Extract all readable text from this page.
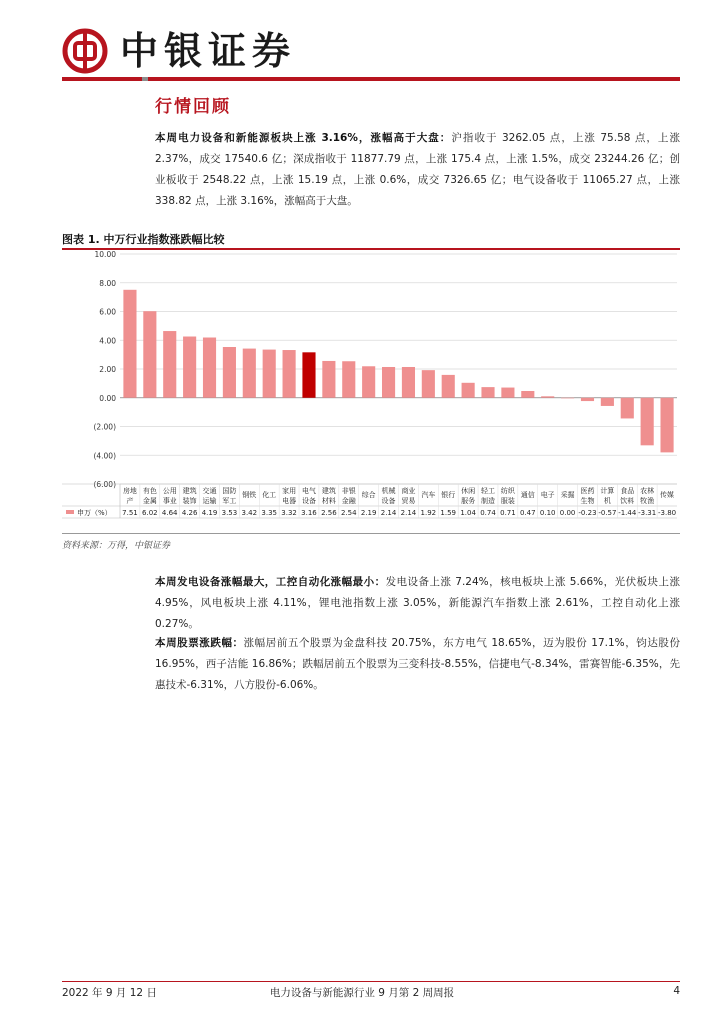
中银证券
行情回顾
本周电力设备和新能源板块上涨 3.16%，涨幅高于大盘：沪指收于 3262.05 点，上涨 75.58 点，上涨 2.37%，成交 17540.6 亿；深成指收于 11877.79 点，上涨 175.4 点，上涨 1.5%，成交 23244.26 亿；创业板收于 2548.22 点，上涨 15.19 点，上涨 0.6%，成交 7326.65 亿；电气设备收于 11065.27 点，上涨 338.82 点，上涨 3.16%，涨幅高于大盘。
图表 1. 中万行业指数涨跌幅比较
10.00
8.00
6.00
4.00
2.00
0.00
(2.00)
(4.00)
(6.00)
房地
产
7.51
有色
金属
6.02
公用
事业
4.64
建筑
装饰
4.26
交通
运输
4.19
国防
军工
3.53
钢铁
3.42
化工
3.35
家用
电器
3.32
电气
设备
3.16
建筑
材料
2.56
非银
金融
2.54
综合
2.19
机械
设备
2.14
商业
贸易
2.14
汽车
1.92
银行
1.59
休闲
服务
1.04
轻工
制造
0.74
纺织
服装
0.71
通信
0.47
电子
0.10
采掘
0.00
医药
生物
-0.23
计算
机
-0.57
食品
饮料
-1.44
农林
牧渔
-3.31
传媒
-3.80
申万（%）
资料来源：万得，中银证券
本周发电设备涨幅最大，工控自动化涨幅最小：发电设备上涨 7.24%，核电板块上涨 5.66%，光伏板块上涨 4.95%，风电板块上涨 4.11%，锂电池指数上涨 3.05%，新能源汽车指数上涨 2.61%，工控自动化上涨 0.27%。
本周股票涨跌幅：涨幅居前五个股票为金盘科技 20.75%，东方电气 18.65%，迈为股份 17.1%，钧达股份 16.95%，西子洁能 16.86%；跌幅居前五个股票为三变科技-8.55%，信捷电气-8.34%，雷赛智能-6.35%，先惠技术-6.31%，八方股份-6.06%。
2022 年 9 月 12 日	电力设备与新能源行业 9 月第 2 周周报	4
